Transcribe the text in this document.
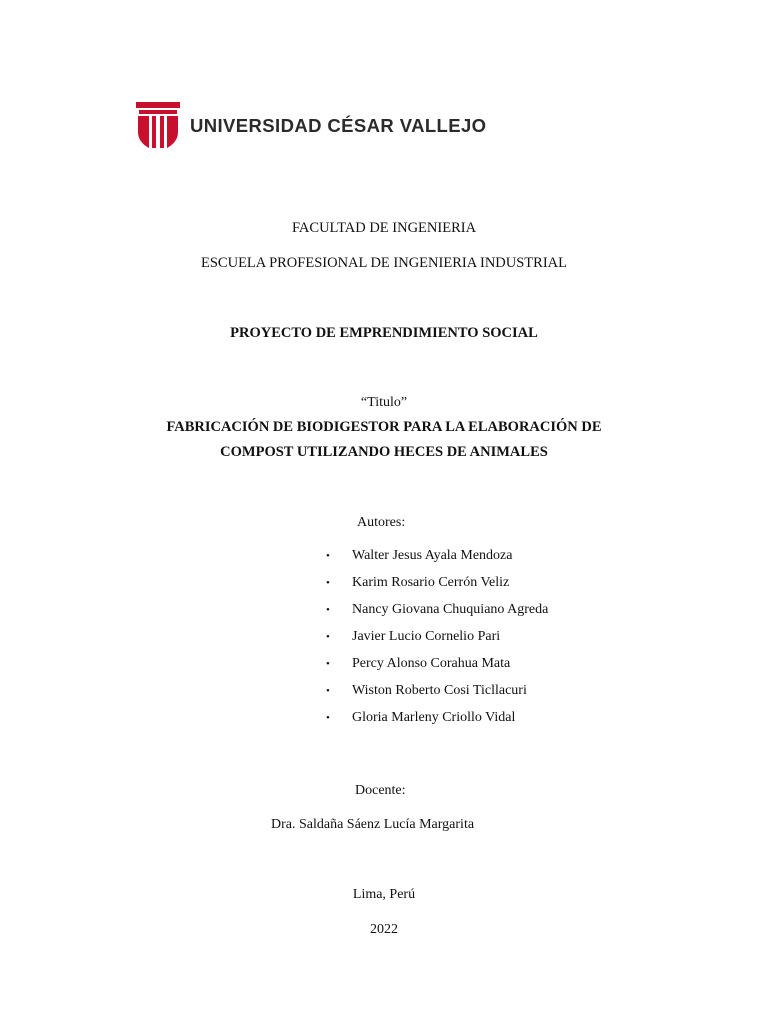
UNIVERSIDAD CÉSAR VALLEJO
FACULTAD DE INGENIERIA
ESCUELA PROFESIONAL DE INGENIERIA INDUSTRIAL
PROYECTO DE EMPRENDIMIENTO SOCIAL
“Titulo”
FABRICACIÓN DE BIODIGESTOR PARA LA ELABORACIÓN DE
COMPOST UTILIZANDO HECES DE ANIMALES
Autores:
•	Walter Jesus Ayala Mendoza
•	Karim Rosario Cerrón Veliz
•	Nancy Giovana Chuquiano Agreda
•	Javier Lucio Cornelio Pari
•	Percy Alonso Corahua Mata
•	Wiston Roberto Cosi Ticllacuri
•	Gloria Marleny Criollo Vidal
Docente:
Dra. Saldaña Sáenz Lucía Margarita
Lima, Perú
2022
